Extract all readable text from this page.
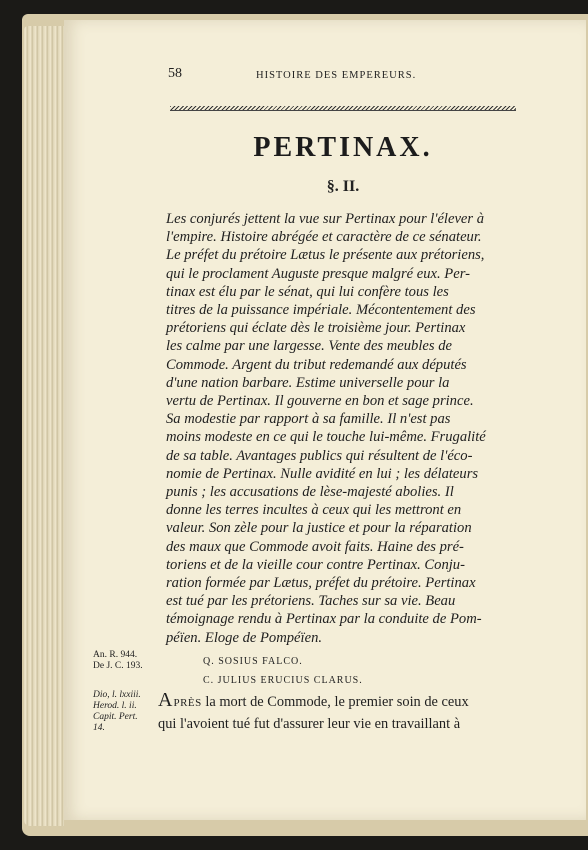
58	HISTOIRE DES EMPEREURS.
PERTINAX.
§. II.
Les conjurés jettent la vue sur Pertinax pour l'élever à
l'empire. Histoire abrégée et caractère de ce sénateur.
Le préfet du prétoire Lætus le présente aux prétoriens,
qui le proclament Auguste presque malgré eux. Per-
tinax est élu par le sénat, qui lui confère tous les
titres de la puissance impériale. Mécontentement des
prétoriens qui éclate dès le troisième jour. Pertinax
les calme par une largesse. Vente des meubles de
Commode. Argent du tribut redemandé aux députés
d'une nation barbare. Estime universelle pour la
vertu de Pertinax. Il gouverne en bon et sage prince.
Sa modestie par rapport à sa famille. Il n'est pas
moins modeste en ce qui le touche lui-même. Frugalité
de sa table. Avantages publics qui résultent de l'éco-
nomie de Pertinax. Nulle avidité en lui ; les délateurs
punis ; les accusations de lèse-majesté abolies. Il
donne les terres incultes à ceux qui les mettront en
valeur. Son zèle pour la justice et pour la réparation
des maux que Commode avoit faits. Haine des pré-
toriens et de la vieille cour contre Pertinax. Conju-
ration formée par Lætus, préfet du prétoire. Pertinax
est tué par les prétoriens. Taches sur sa vie. Beau
témoignage rendu à Pertinax par la conduite de Pom-
péïen. Eloge de Pompéïen.
An. R. 944.
De J. C. 193.	Q. SOSIUS FALCO.
C. JULIUS ERUCIUS CLARUS.
Dio, l. lxxiii.
Herod. l. ii.
Capit. Pert.
14.
APRÈS la mort de Commode, le premier soin de ceux
qui l'avoient tué fut d'assurer leur vie en travaillant à
